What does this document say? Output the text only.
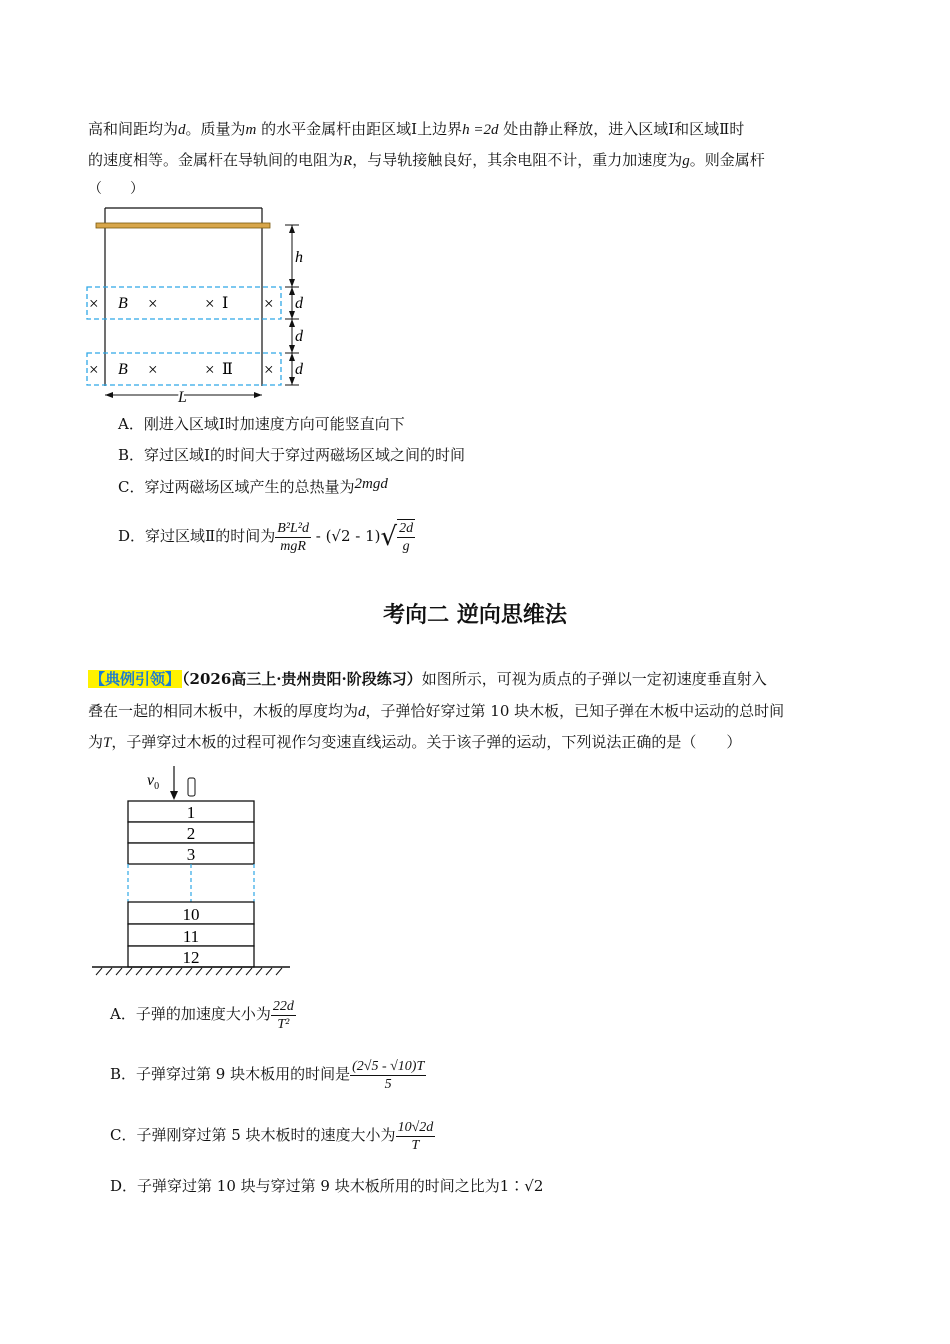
高和间距均为d。质量为m 的水平金属杆由距区域Ⅰ上边界h =2d 处由静止释放，进入区域Ⅰ和区域Ⅱ时
的速度相等。金属杆在导轨间的电阻为R，与导轨接触良好，其余电阻不计，重力加速度为g。则金属杆
（　　）
× B ×	× Ⅰ ×
× B ×	× Ⅱ ×
h
d
d
d
L
A．刚进入区域Ⅰ时加速度方向可能竖直向下
B．穿过区域Ⅰ的时间大于穿过两磁场区域之间的时间
C．穿过两磁场区域产生的总热量为2mgd
D．穿过区域Ⅱ的时间为 $\frac{\text{B²L²d}}{\text{mgR}} - (√2 - 1)√ \frac{2d}{g}$
考向二 逆向思维法
【典例引领】 （2026高三上·贵州贵阳·阶段练习）如图所示，可视为质点的子弹以一定初速度垂直射入
叠在一起的相同木板中，木板的厚度均为d，子弹恰好穿过第 10 块木板，已知子弹在木板中运动的总时间
为T，子弹穿过木板的过程可视作匀变速直线运动。关于该子弹的运动，下列说法正确的是（　　）
$v_0$
1
2
3
10
11
12
A．子弹的加速度大小为 $\frac{22d}{\text{T²}}$
B．子弹穿过第 9 块木板用的时间是 $\frac{(2√5 - √10)T}{5}$
C．子弹刚穿过第 5 块木板时的速度大小为 $\frac{10√2d}{T}$
D．子弹穿过第 10 块与穿过第 9 块木板所用的时间之比为1∶√2
